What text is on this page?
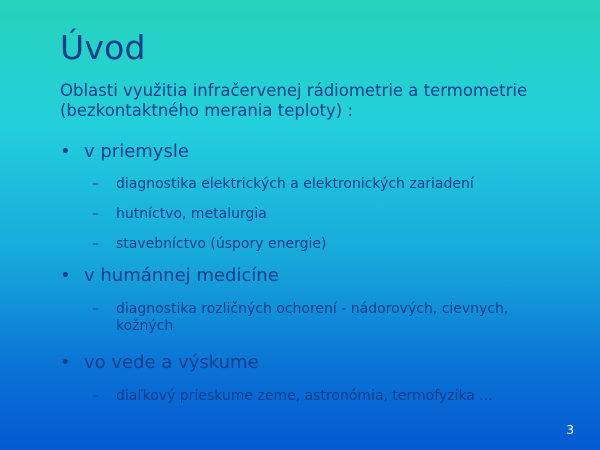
Úvod
Oblasti využitia infračervenej rádiometrie a termometrie (bezkontaktného merania teploty) :
• v priemysle
– diagnostika elektrických a elektronických zariadení
– hutníctvo, metalurgia
– stavebníctvo (úspory energie)
• v humánnej medicíne
– diagnostika rozličných ochorení - nádorových, cievnych, kožných
• vo vede a výskume
– diaľkový prieskume zeme, astronómia, termofyzika ...
3
